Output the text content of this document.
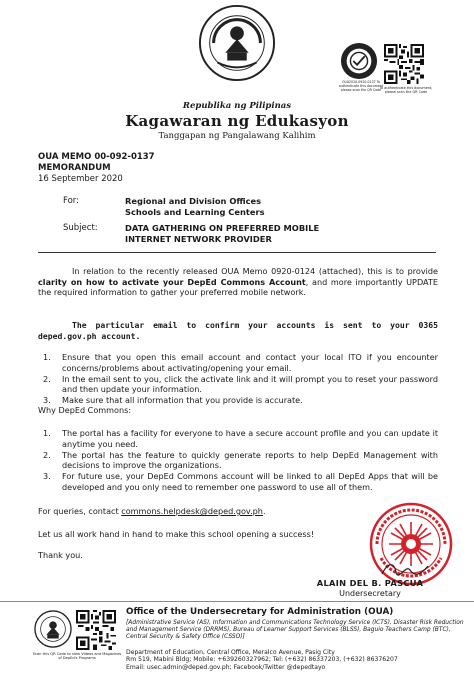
OUA2020-0920-0137 To authenticate this document please scan the QR Code
To authenticate this document, please scan the QR Code
Republika ng Pilipinas
Kagawaran ng Edukasyon
Tanggapan ng Pangalawang Kalihim
OUA MEMO 00-092-0137
MEMORANDUM
16 September 2020
For:	Regional and Division Offices
Schools and Learning Centers
Subject:	DATA GATHERING ON PREFERRED MOBILE
INTERNET NETWORK PROVIDER
In relation to the recently released OUA Memo 0920-0124 (attached), this is to provide clarity on how to activate your DepEd Commons Account, and more importantly UPDATE the required information to gather your preferred mobile network.
The particular email to confirm your accounts is sent to your 0365 deped.gov.ph account.
1. Ensure that you open this email account and contact your local ITO if you encounter concerns/problems about activating/opening your email.
2. In the email sent to you, click the activate link and it will prompt you to reset your password and then update your information.
3. Make sure that all information that you provide is accurate.
Why DepEd Commons:
1. The portal has a facility for everyone to have a secure account profile and you can update it anytime you need.
2. The portal has the feature to quickly generate reports to help DepEd Management with decisions to improve the organizations.
3. For future use, your DepEd Commons account will be linked to all DepEd Apps that will be developed and you only need to remember one password to use all of them.
For queries, contact commons.helpdesk@deped.gov.ph.
Let us all work hand in hand to make this school opening a success!
Thank you.
ALAIN DEL B. PASCUA
Undersecretary
Scan this QR Code to view Videos and Magazines of DepEd's Programs
Office of the Undersecretary for Administration (OUA)
[Administrative Service (AS), Information and Communications Technology Service (ICTS), Disaster Risk Reduction and Management Service (DRRMS), Bureau of Learner Support Services (BLSS), Baguio Teachers Camp (BTC), Central Security & Safety Office (CSSO)]
Department of Education, Central Office, Meralco Avenue, Pasig City
Rm 519, Mabini Bldg; Mobile: +639260327962; Tel: (+632) 86337203, (+632) 86376207
Email: usec.admin@deped.gov.ph; Facebook/Twitter @depedtayo
